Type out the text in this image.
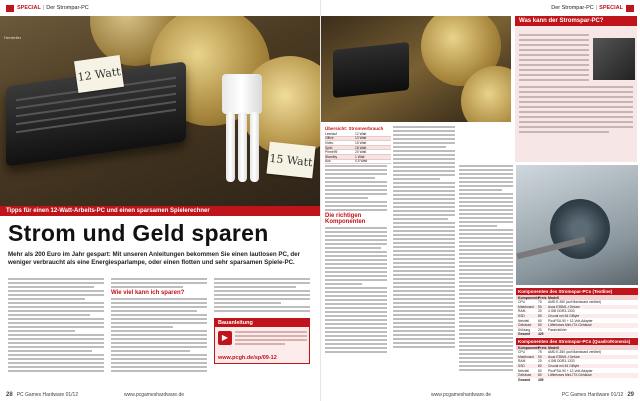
SPECIAL | Der Strompar-PC
12 Watt
15 Watt
Hersteller
Tipps für einen 12-Watt-Arbeits-PC und einen sparsamen Spielerechner
Strom und Geld sparen
Mehr als 200 Euro im Jahr gespart: Mit unseren Anleitungen bekommen Sie einen lautlosen PC, der weniger verbraucht als eine Energiesparlampe, oder einen flotten und sehr sparsamen Spiele-PC.
Wie viel kann ich sparen?
Bauanleitung
▶
www.pcgh.de/sp/09-12
28 PC Games Hardware 01/12	www.pcgameshardware.de
Der Strompar-PC | SPECIAL
Was kann der Stromspar-PC?
Übersicht: Stromverbrauch
Leerlauf	12 Watt
Office	13 Watt
Video	15 Watt
Spiel	18 Watt
Prime95	20 Watt
Standby	1 Watt
Aus	0,5 Watt
Die richtigen Komponenten
Komponenten des Stromspar-PCs (Textline)
Komponente
Preis Modell
CPU	75	AMD E-350 (auf Mainboard verlötet)
Mainboard	90	Asus E35M1-I Deluxe
RAM	20	4 GiB DDR3-1333
SSD	80	Crucial m4 64 GiByte
Netzteil	60	PicoPSU-90 + 12-Volt-Adapter
Gehäuse	80	Lüfterloses Mini-ITX-Gehäuse
Kühlung	20	Passivkühler
Gesamt	425
Komponenten des Stromspar-PCs (Quadro/Konexis)
Komponente
Preis Modell
CPU	75	AMD E-350 (auf Mainboard verlötet)
Mainboard	90	Asus E35M1-I Deluxe
RAM	20	4 GiB DDR3-1333
SSD	80	Crucial m4 64 GiByte
Netzteil	60	PicoPSU-90 + 12-Volt-Adapter
Gehäuse	80	Lüfterloses Mini-ITX-Gehäuse
Gesamt	405
www.pcgameshardware.de	PC Games Hardware 01/12 29
